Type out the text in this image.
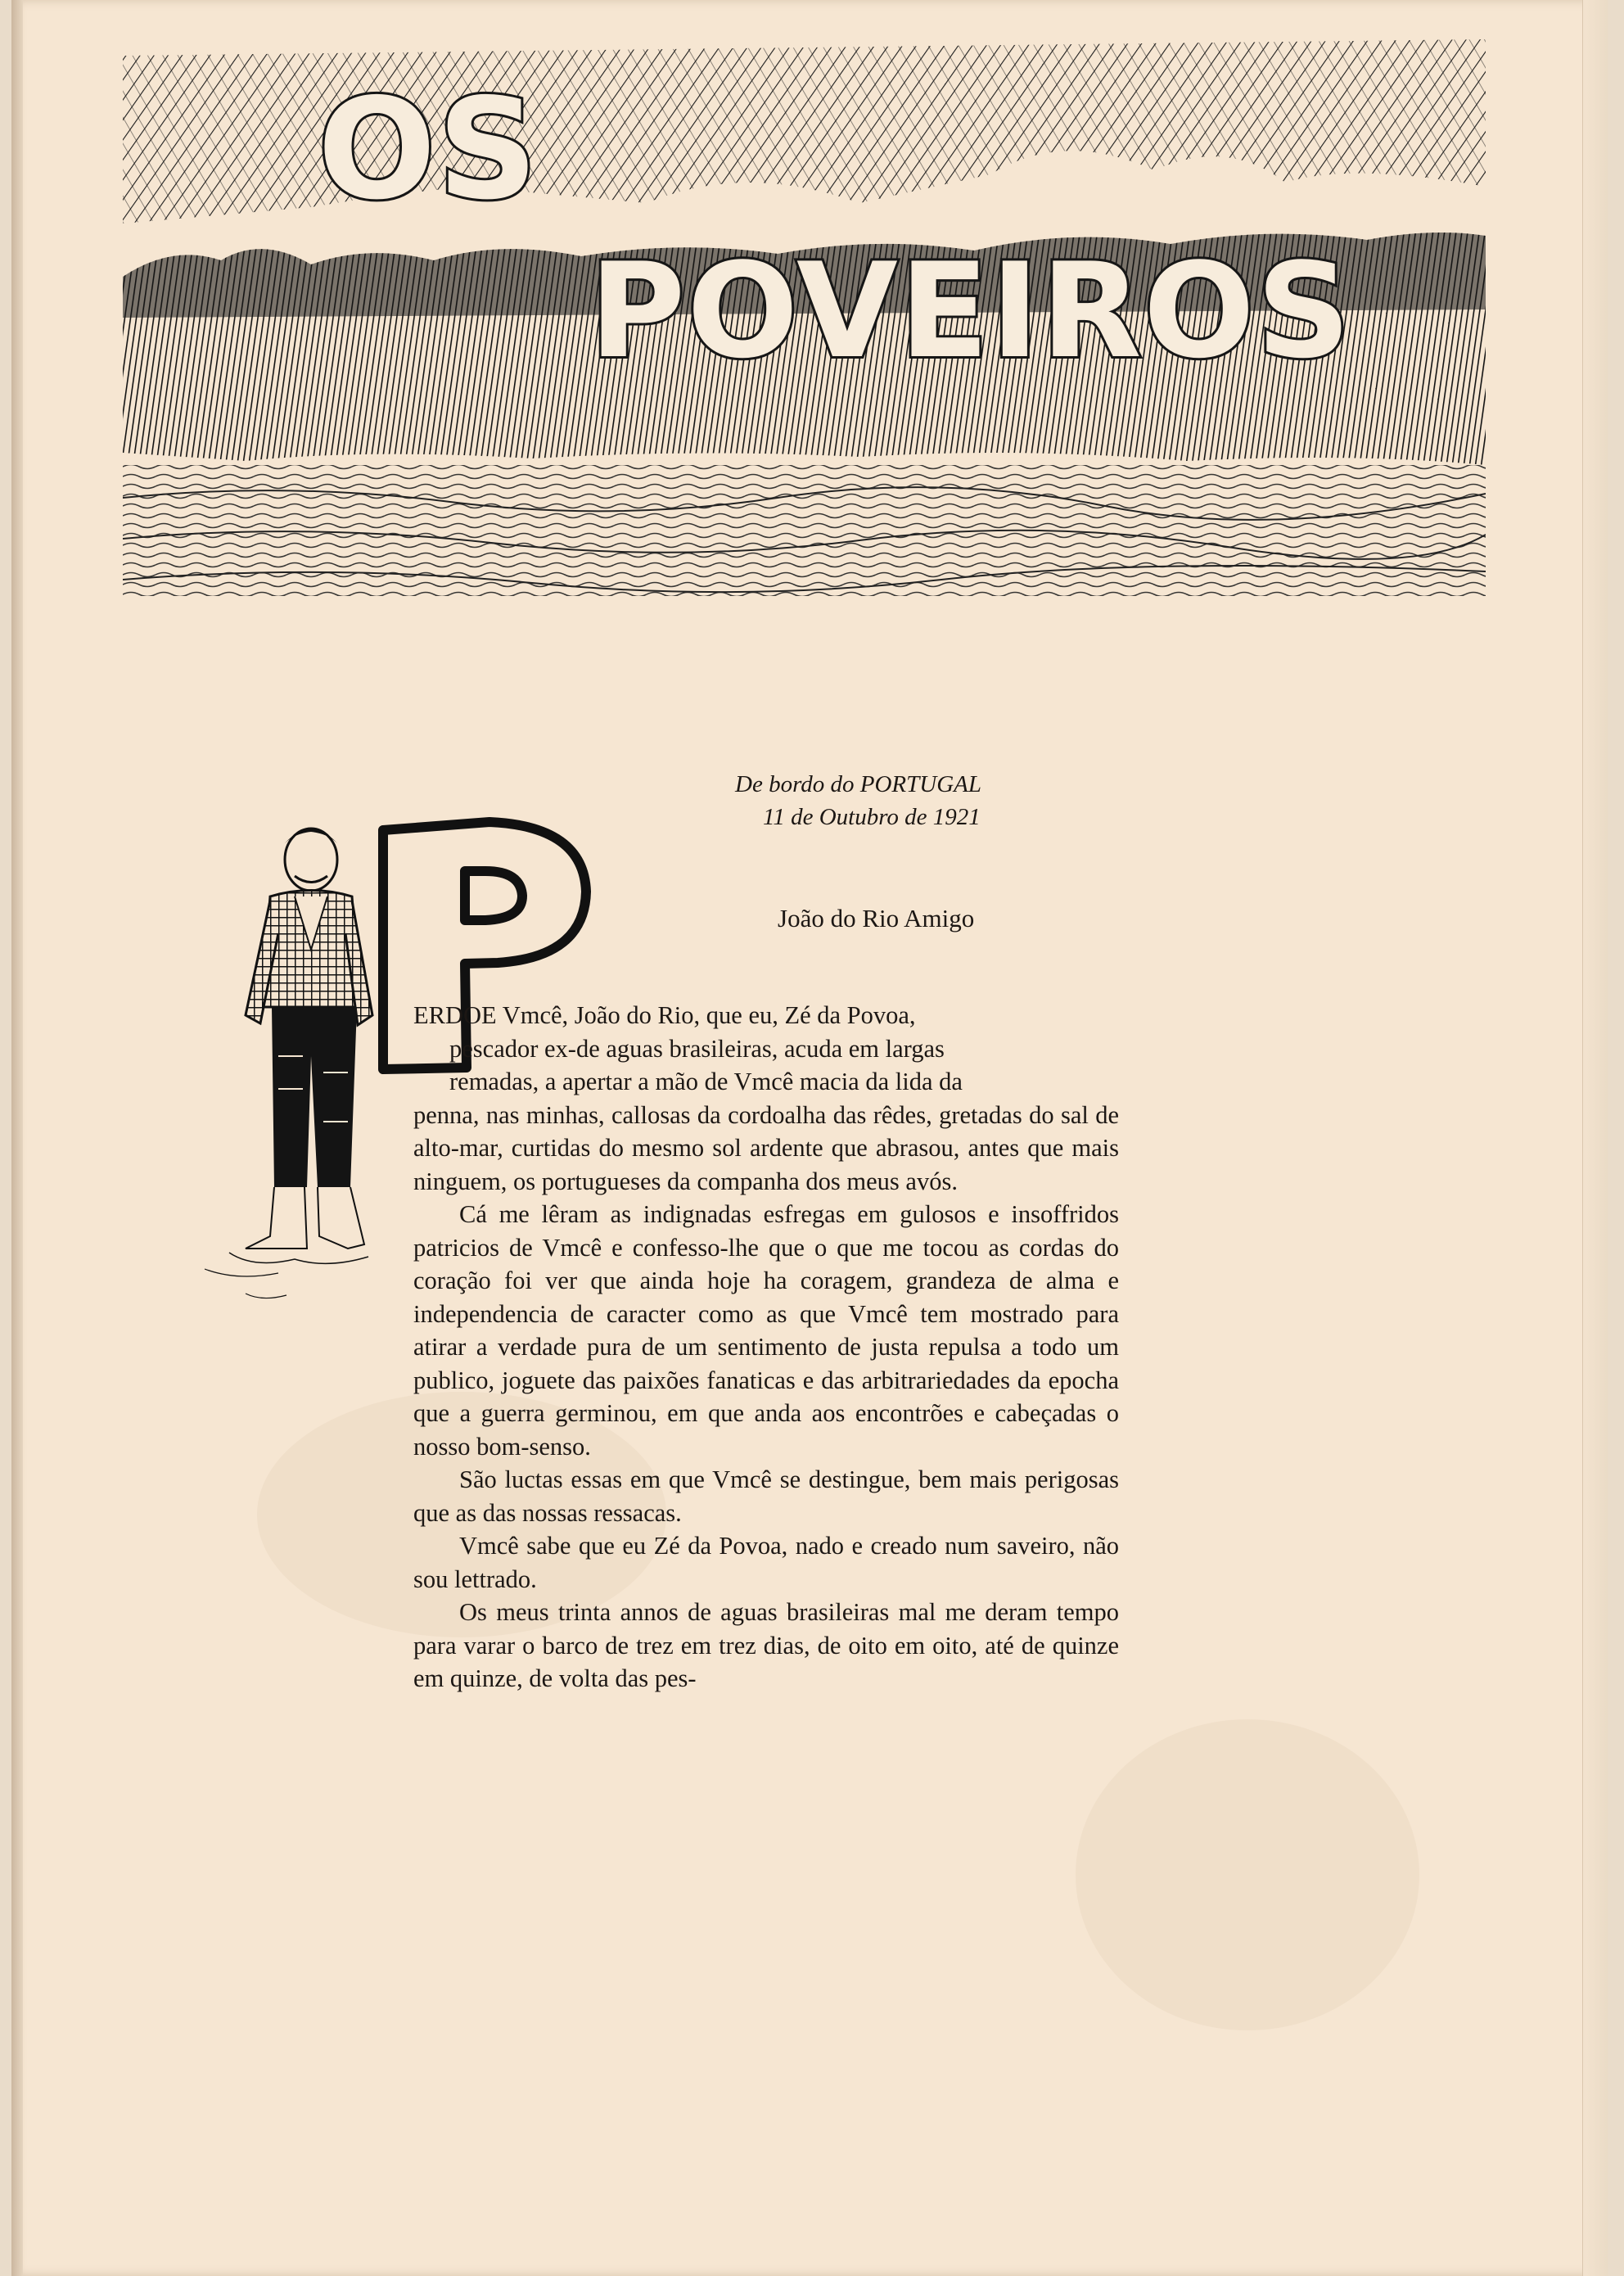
OS
POVEIROS
De bordo do PORTUGAL
11 de Outubro de 1921
João do Rio Amigo
P

ERDOE Vmcê, João do Rio, que eu, Zé da Povoa,
pescador ex-de aguas brasileiras, acuda em largas
remadas, a apertar a mão de Vmcê macia da lida da
penna, nas minhas, callosas da cordoalha das rêdes, gretadas do sal de alto-mar, curtidas do mesmo sol ardente que abrasou, antes que mais ninguem, os portugueses da companha dos meus avós.

Cá me lêram as indignadas esfregas em gulosos e insoffridos patricios de Vmcê e confesso-lhe que o que me tocou as cordas do coração foi ver que ainda hoje ha coragem, grandeza de alma e independencia de caracter como as que Vmcê tem mostrado para atirar a verdade pura de um sentimento de justa repulsa a todo um publico, joguete das paixões fanaticas e das arbitrariedades da epocha que a guerra germinou, em que anda aos encontrões e cabeçadas o nosso bom-senso.

São luctas essas em que Vmcê se destingue, bem mais perigosas que as das nossas ressacas.

Vmcê sabe que eu Zé da Povoa, nado e creado num saveiro, não sou lettrado.

Os meus trinta annos de aguas brasileiras mal me deram tempo para varar o barco de trez em trez dias, de oito em oito, até de quinze em quinze, de volta das pes-
